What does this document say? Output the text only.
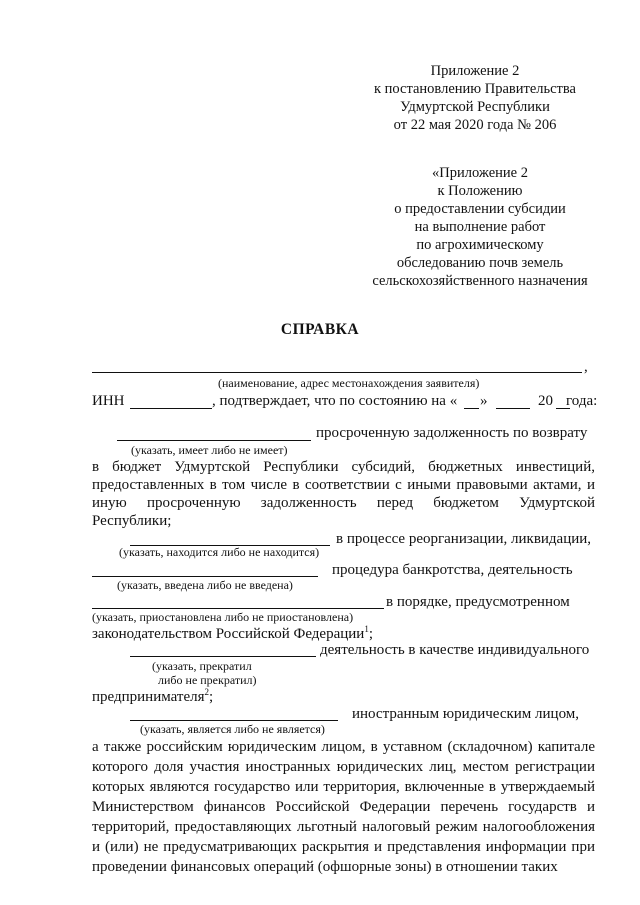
Приложение 2
к постановлению Правительства
Удмуртской Республики
от 22 мая 2020 года № 206
«Приложение 2
к Положению
о предоставлении субсидии
на выполнение работ
по агрохимическому
обследованию почв земель
сельскохозяйственного назначения
СПРАВКА
,
(наименование, адрес местонахождения заявителя)
ИНН	, подтверждает, что по состоянию на « »	20 года:
просроченную задолженность по возврату
(указать, имеет либо не имеет)
в бюджет Удмуртской Республики субсидий, бюджетных инвестиций,
предоставленных в том числе в соответствии с иными правовыми актами, и
иную просроченную задолженность перед бюджетом Удмуртской
Республики;
в процессе реорганизации, ликвидации,
(указать, находится либо не находится)
процедура банкротства, деятельность
(указать, введена либо не введена)
в порядке, предусмотренном
(указать, приостановлена либо не приостановлена)
законодательством Российской Федерации$^1$;
деятельность в качестве индивидуального
(указать, прекратил
либо не прекратил)
предпринимателя$^2$;
иностранным юридическим лицом,
(указать, является либо не является)
а также российским юридическим лицом, в уставном (складочном) капитале которого доля участия иностранных юридических лиц, местом регистрации которых являются государство или территория, включенные в утверждаемый Министерством финансов Российской Федерации перечень государств и территорий, предоставляющих льготный налоговый режим налогообложения и (или) не предусматривающих раскрытия и представления информации при проведении финансовых операций (офшорные зоны) в отношении таких
